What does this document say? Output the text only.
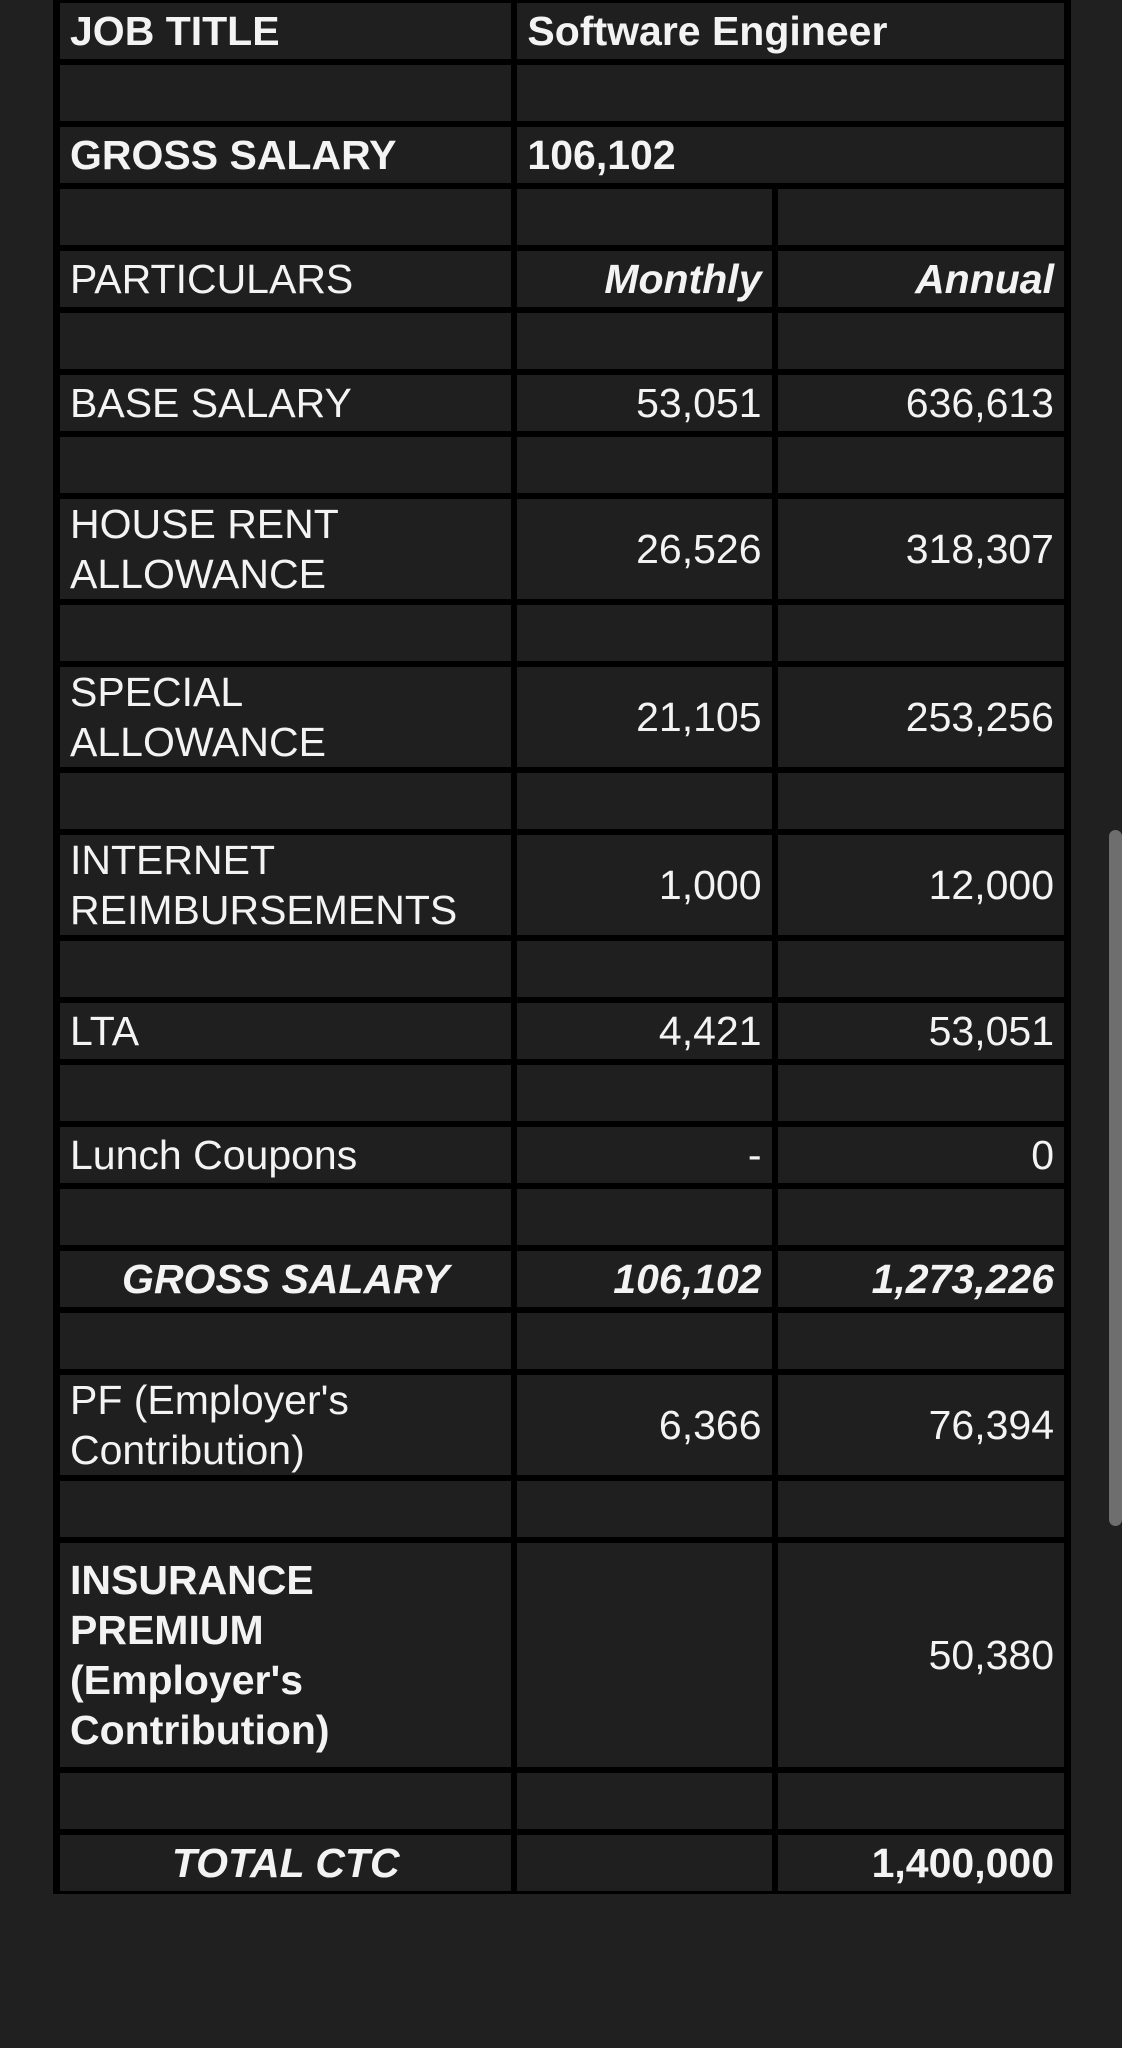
JOB TITLE	Software Engineer	

GROSS SALARY	106,102	

PARTICULARS	Monthly	Annual

BASE SALARY	53,051	636,613

HOUSE RENT ALLOWANCE	26,526	318,307

SPECIAL ALLOWANCE	21,105	253,256

INTERNET REIMBURSEMENTS	1,000	12,000

LTA	4,421	53,051

Lunch Coupons	-	0

GROSS SALARY	106,102	1,273,226

PF (Employer's Contribution)	6,366	76,394

INSURANCE PREMIUM (Employer's Contribution)		50,380

TOTAL CTC		1,400,000
